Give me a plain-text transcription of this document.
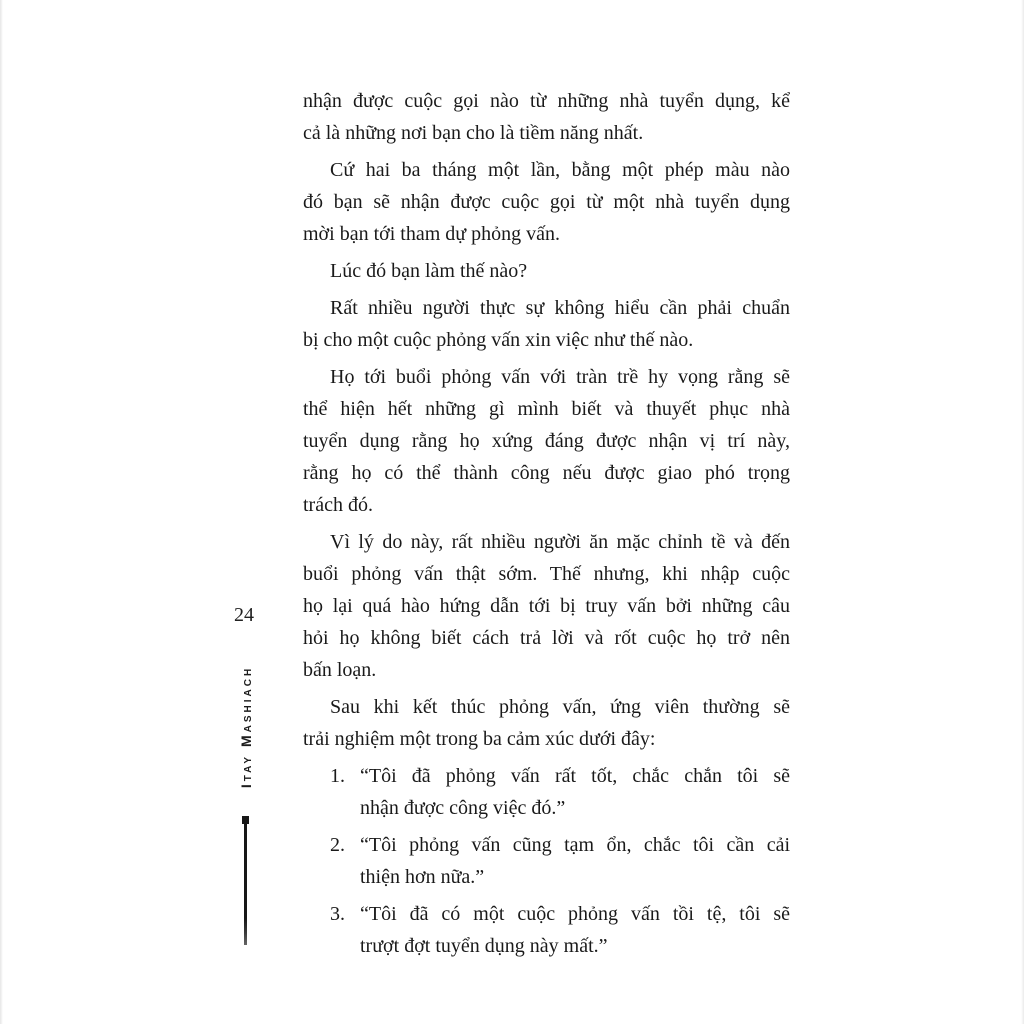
24
Itay Mashiach
nhận được cuộc gọi nào từ những nhà tuyển dụng, kể
cả là những nơi bạn cho là tiềm năng nhất.
Cứ hai ba tháng một lần, bằng một phép màu nào
đó bạn sẽ nhận được cuộc gọi từ một nhà tuyển dụng
mời bạn tới tham dự phỏng vấn.
Lúc đó bạn làm thế nào?
Rất nhiều người thực sự không hiểu cần phải chuẩn
bị cho một cuộc phỏng vấn xin việc như thế nào.
Họ tới buổi phỏng vấn với tràn trề hy vọng rằng sẽ
thể hiện hết những gì mình biết và thuyết phục nhà
tuyển dụng rằng họ xứng đáng được nhận vị trí này,
rằng họ có thể thành công nếu được giao phó trọng
trách đó.
Vì lý do này, rất nhiều người ăn mặc chỉnh tề và đến
buổi phỏng vấn thật sớm. Thế nhưng, khi nhập cuộc
họ lại quá hào hứng dẫn tới bị truy vấn bởi những câu
hỏi họ không biết cách trả lời và rốt cuộc họ trở nên
bấn loạn.
Sau khi kết thúc phỏng vấn, ứng viên thường sẽ
trải nghiệm một trong ba cảm xúc dưới đây:
1. “Tôi đã phỏng vấn rất tốt, chắc chắn tôi sẽ
nhận được công việc đó.”
2. “Tôi phỏng vấn cũng tạm ổn, chắc tôi cần cải
thiện hơn nữa.”
3. “Tôi đã có một cuộc phỏng vấn tồi tệ, tôi sẽ
trượt đợt tuyển dụng này mất.”
